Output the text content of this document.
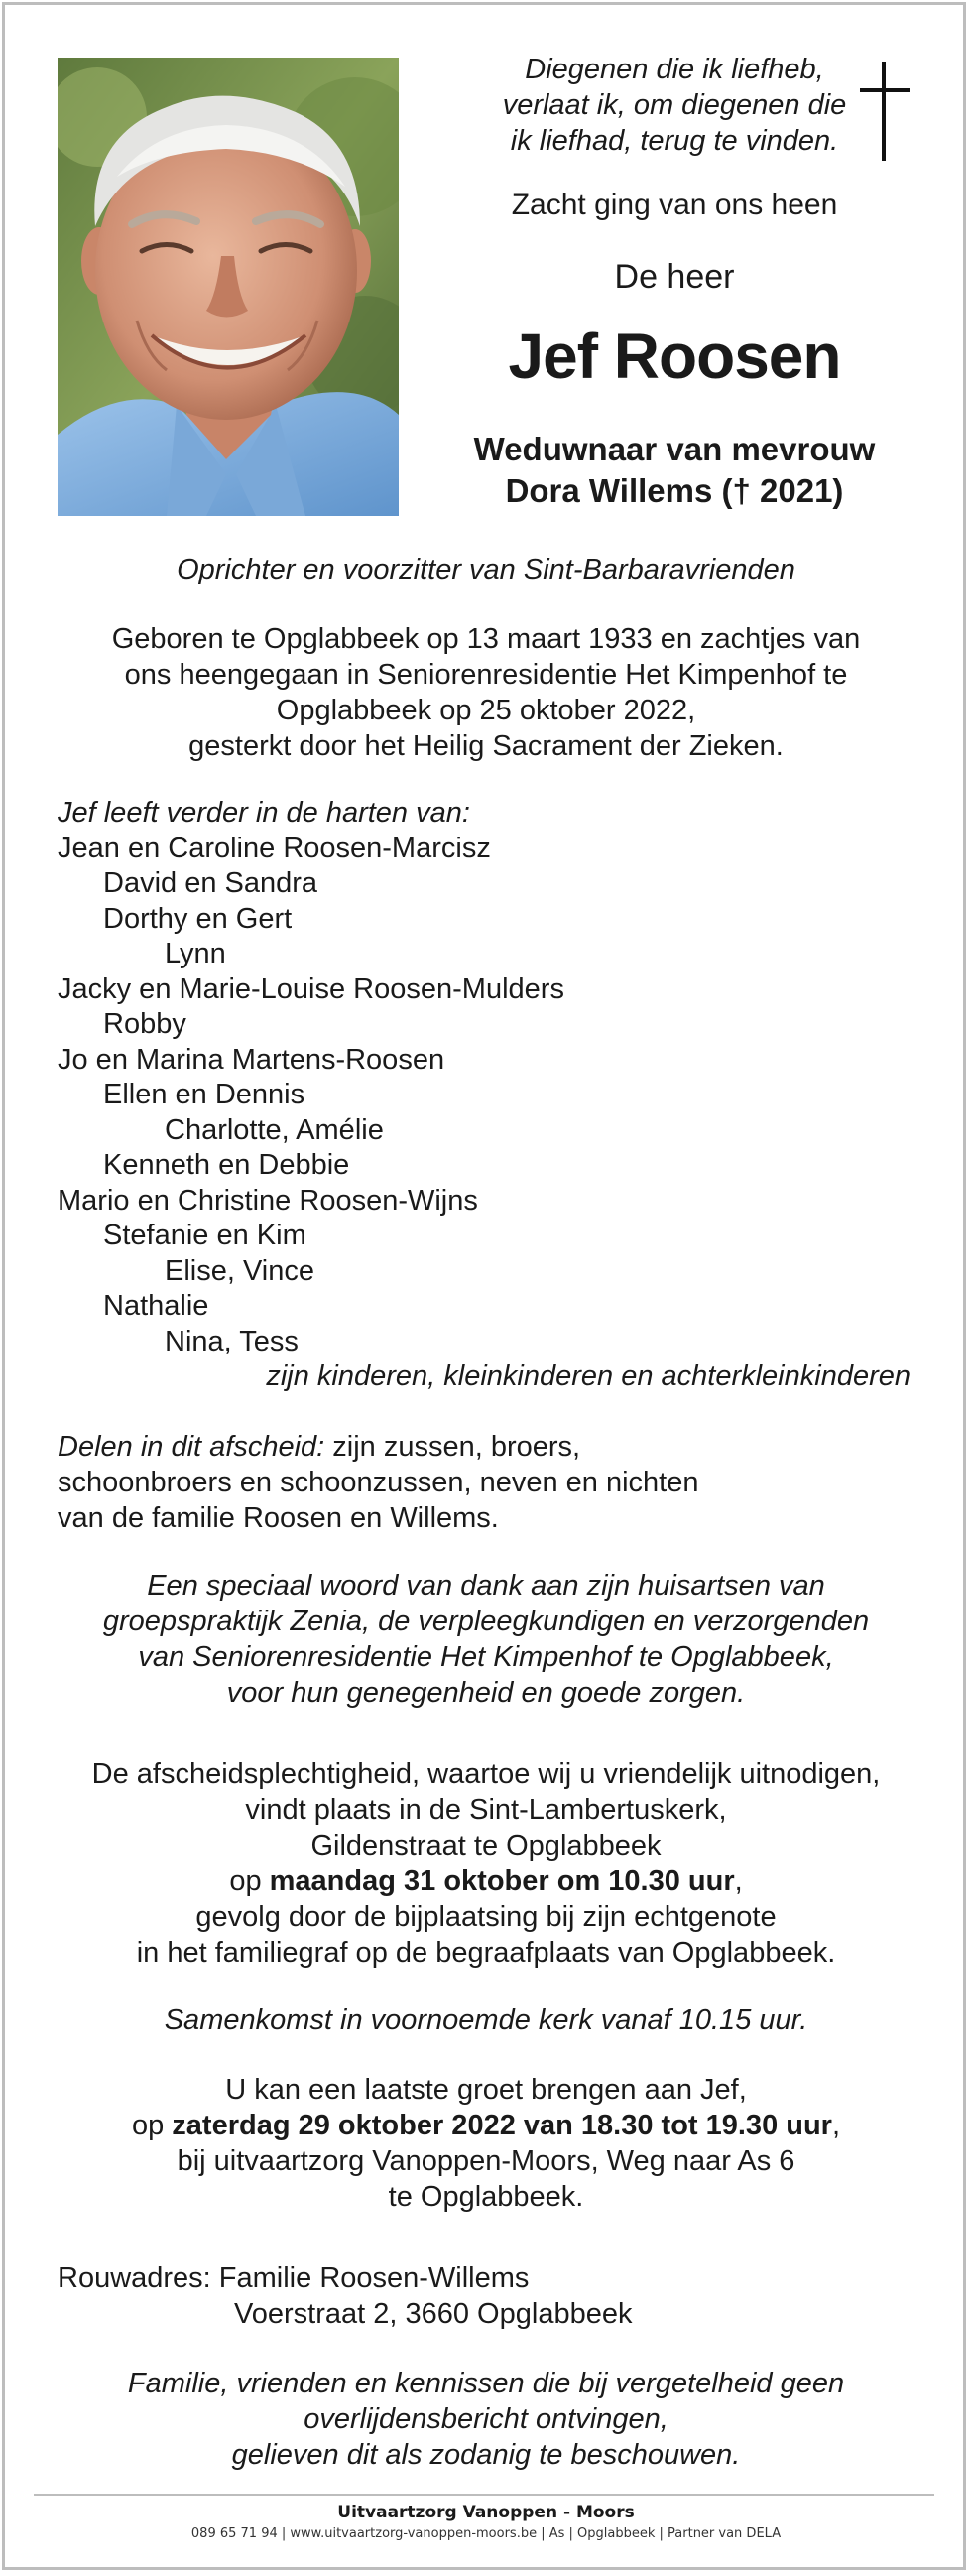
Diegenen die ik liefheb,
verlaat ik, om diegenen die
ik liefhad, terug te vinden.
Zacht ging van ons heen
De heer
Jef Roosen
Weduwnaar van mevrouw
Dora Willems († 2021)
Oprichter en voorzitter van Sint-Barbaravrienden
Geboren te Opglabbeek op 13 maart 1933 en zachtjes van
ons heengegaan in Seniorenresidentie Het Kimpenhof te
Opglabbeek op 25 oktober 2022,
gesterkt door het Heilig Sacrament der Zieken.
Jef leeft verder in de harten van:
Jean en Caroline Roosen-Marcisz
David en Sandra
Dorthy en Gert
Lynn
Jacky en Marie-Louise Roosen-Mulders
Robby
Jo en Marina Martens-Roosen
Ellen en Dennis
Charlotte, Amélie
Kenneth en Debbie
Mario en Christine Roosen-Wijns
Stefanie en Kim
Elise, Vince
Nathalie
Nina, Tess
zijn kinderen, kleinkinderen en achterkleinkinderen
Delen in dit afscheid: zijn zussen, broers,
schoonbroers en schoonzussen, neven en nichten
van de familie Roosen en Willems.
Een speciaal woord van dank aan zijn huisartsen van
groepspraktijk Zenia, de verpleegkundigen en verzorgenden
van Seniorenresidentie Het Kimpenhof te Opglabbeek,
voor hun genegenheid en goede zorgen.
De afscheidsplechtigheid, waartoe wij u vriendelijk uitnodigen,
vindt plaats in de Sint-Lambertuskerk,
Gildenstraat te Opglabbeek
op maandag 31 oktober om 10.30 uur,
gevolg door de bijplaatsing bij zijn echtgenote
in het familiegraf op de begraafplaats van Opglabbeek.
Samenkomst in voornoemde kerk vanaf 10.15 uur.
U kan een laatste groet brengen aan Jef,
op zaterdag 29 oktober 2022 van 18.30 tot 19.30 uur,
bij uitvaartzorg Vanoppen-Moors, Weg naar As 6
te Opglabbeek.
Rouwadres: Familie Roosen-Willems
Voerstraat 2, 3660 Opglabbeek
Familie, vrienden en kennissen die bij vergetelheid geen
overlijdensbericht ontvingen,
gelieven dit als zodanig te beschouwen.
Uitvaartzorg Vanoppen - Moors
089 65 71 94 | www.uitvaartzorg-vanoppen-moors.be | As | Opglabbeek | Partner van DELA
